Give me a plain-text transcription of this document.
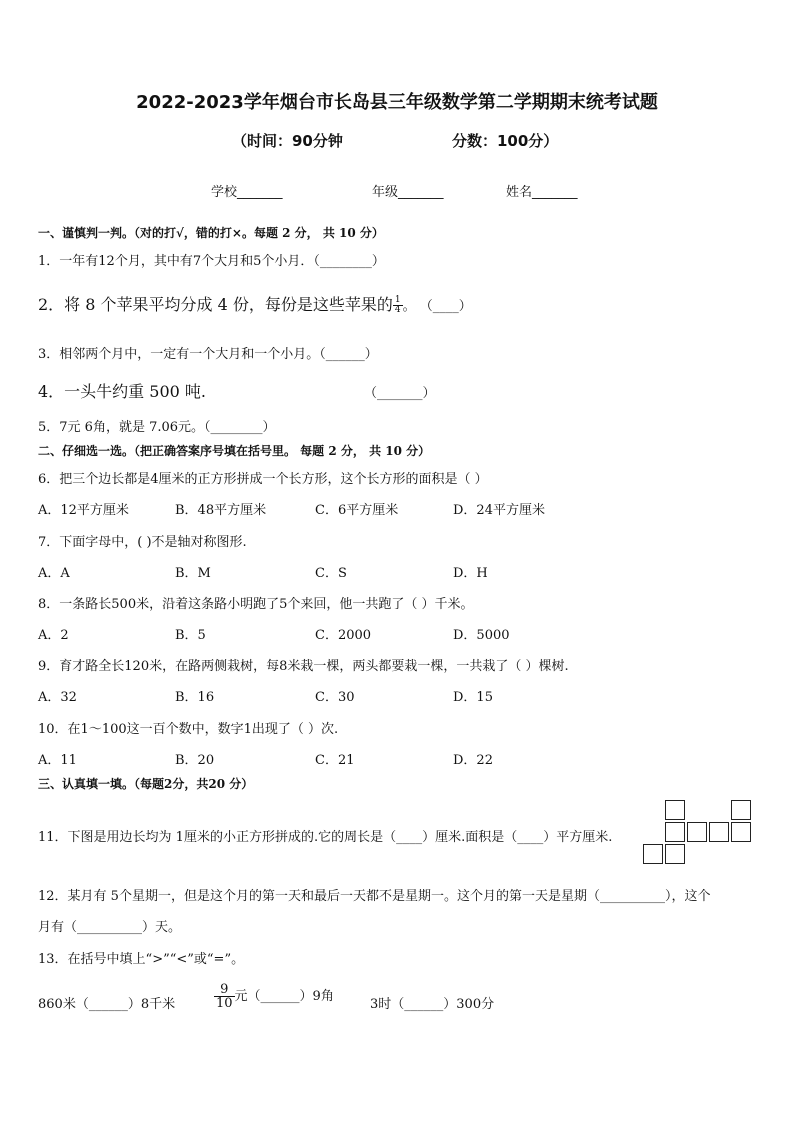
2022-2023学年烟台市长岛县三年级数学第二学期期末统考试题
（时间：90分钟	分数：100分）
学校_______	年级_______	姓名_______
一、谨慎判一判。（对的打√，错的打×。每题 2 分， 共 10 分）
1．一年有12个月，其中有7个大月和5个小月．（________）
2．将 8 个苹果平均分成 4 份，每份是这些苹果的 $\frac{1}{4}$ 。 （____）
3．相邻两个月中，一定有一个大月和一个小月。（______）
4．一头牛约重 500 吨.	（_______）
5．7元 6角，就是 7.06元。（________）
二、仔细选一选。（把正确答案序号填在括号里。 每题 2 分， 共 10 分）
6．把三个边长都是4厘米的正方形拼成一个长方形，这个长方形的面积是（ ）
A．12平方厘米	B．48平方厘米	C．6平方厘米	D．24平方厘米
7．下面字母中，( )不是轴对称图形.
A．A	B．M	C．S	D．H
8．一条路长500米，沿着这条路小明跑了5个来回，他一共跑了（ ）千米。
A．2	B．5	C．2000	D．5000
9．育才路全长120米，在路两侧栽树，每8米栽一棵，两头都要栽一棵，一共栽了（ ）棵树.
A．32	B．16	C．30	D．15
10．在1～100这一百个数中，数字1出现了（ ）次.
A．11	B．20	C．21	D．22
三、认真填一填。（每题2分，共20 分）
11．下图是用边长均为 1厘米的小正方形拼成的.它的周长是（____）厘米.面积是（____）平方厘米.
12．某月有 5个星期一，但是这个月的第一天和最后一天都不是星期一。这个月的第一天是星期（__________），这个
月有（__________）天。
13．在括号中填上“>”“<”或“=”。
860米（______）8千米	$\frac{9}{10}$ 元（______）9角
3时（______）300分
